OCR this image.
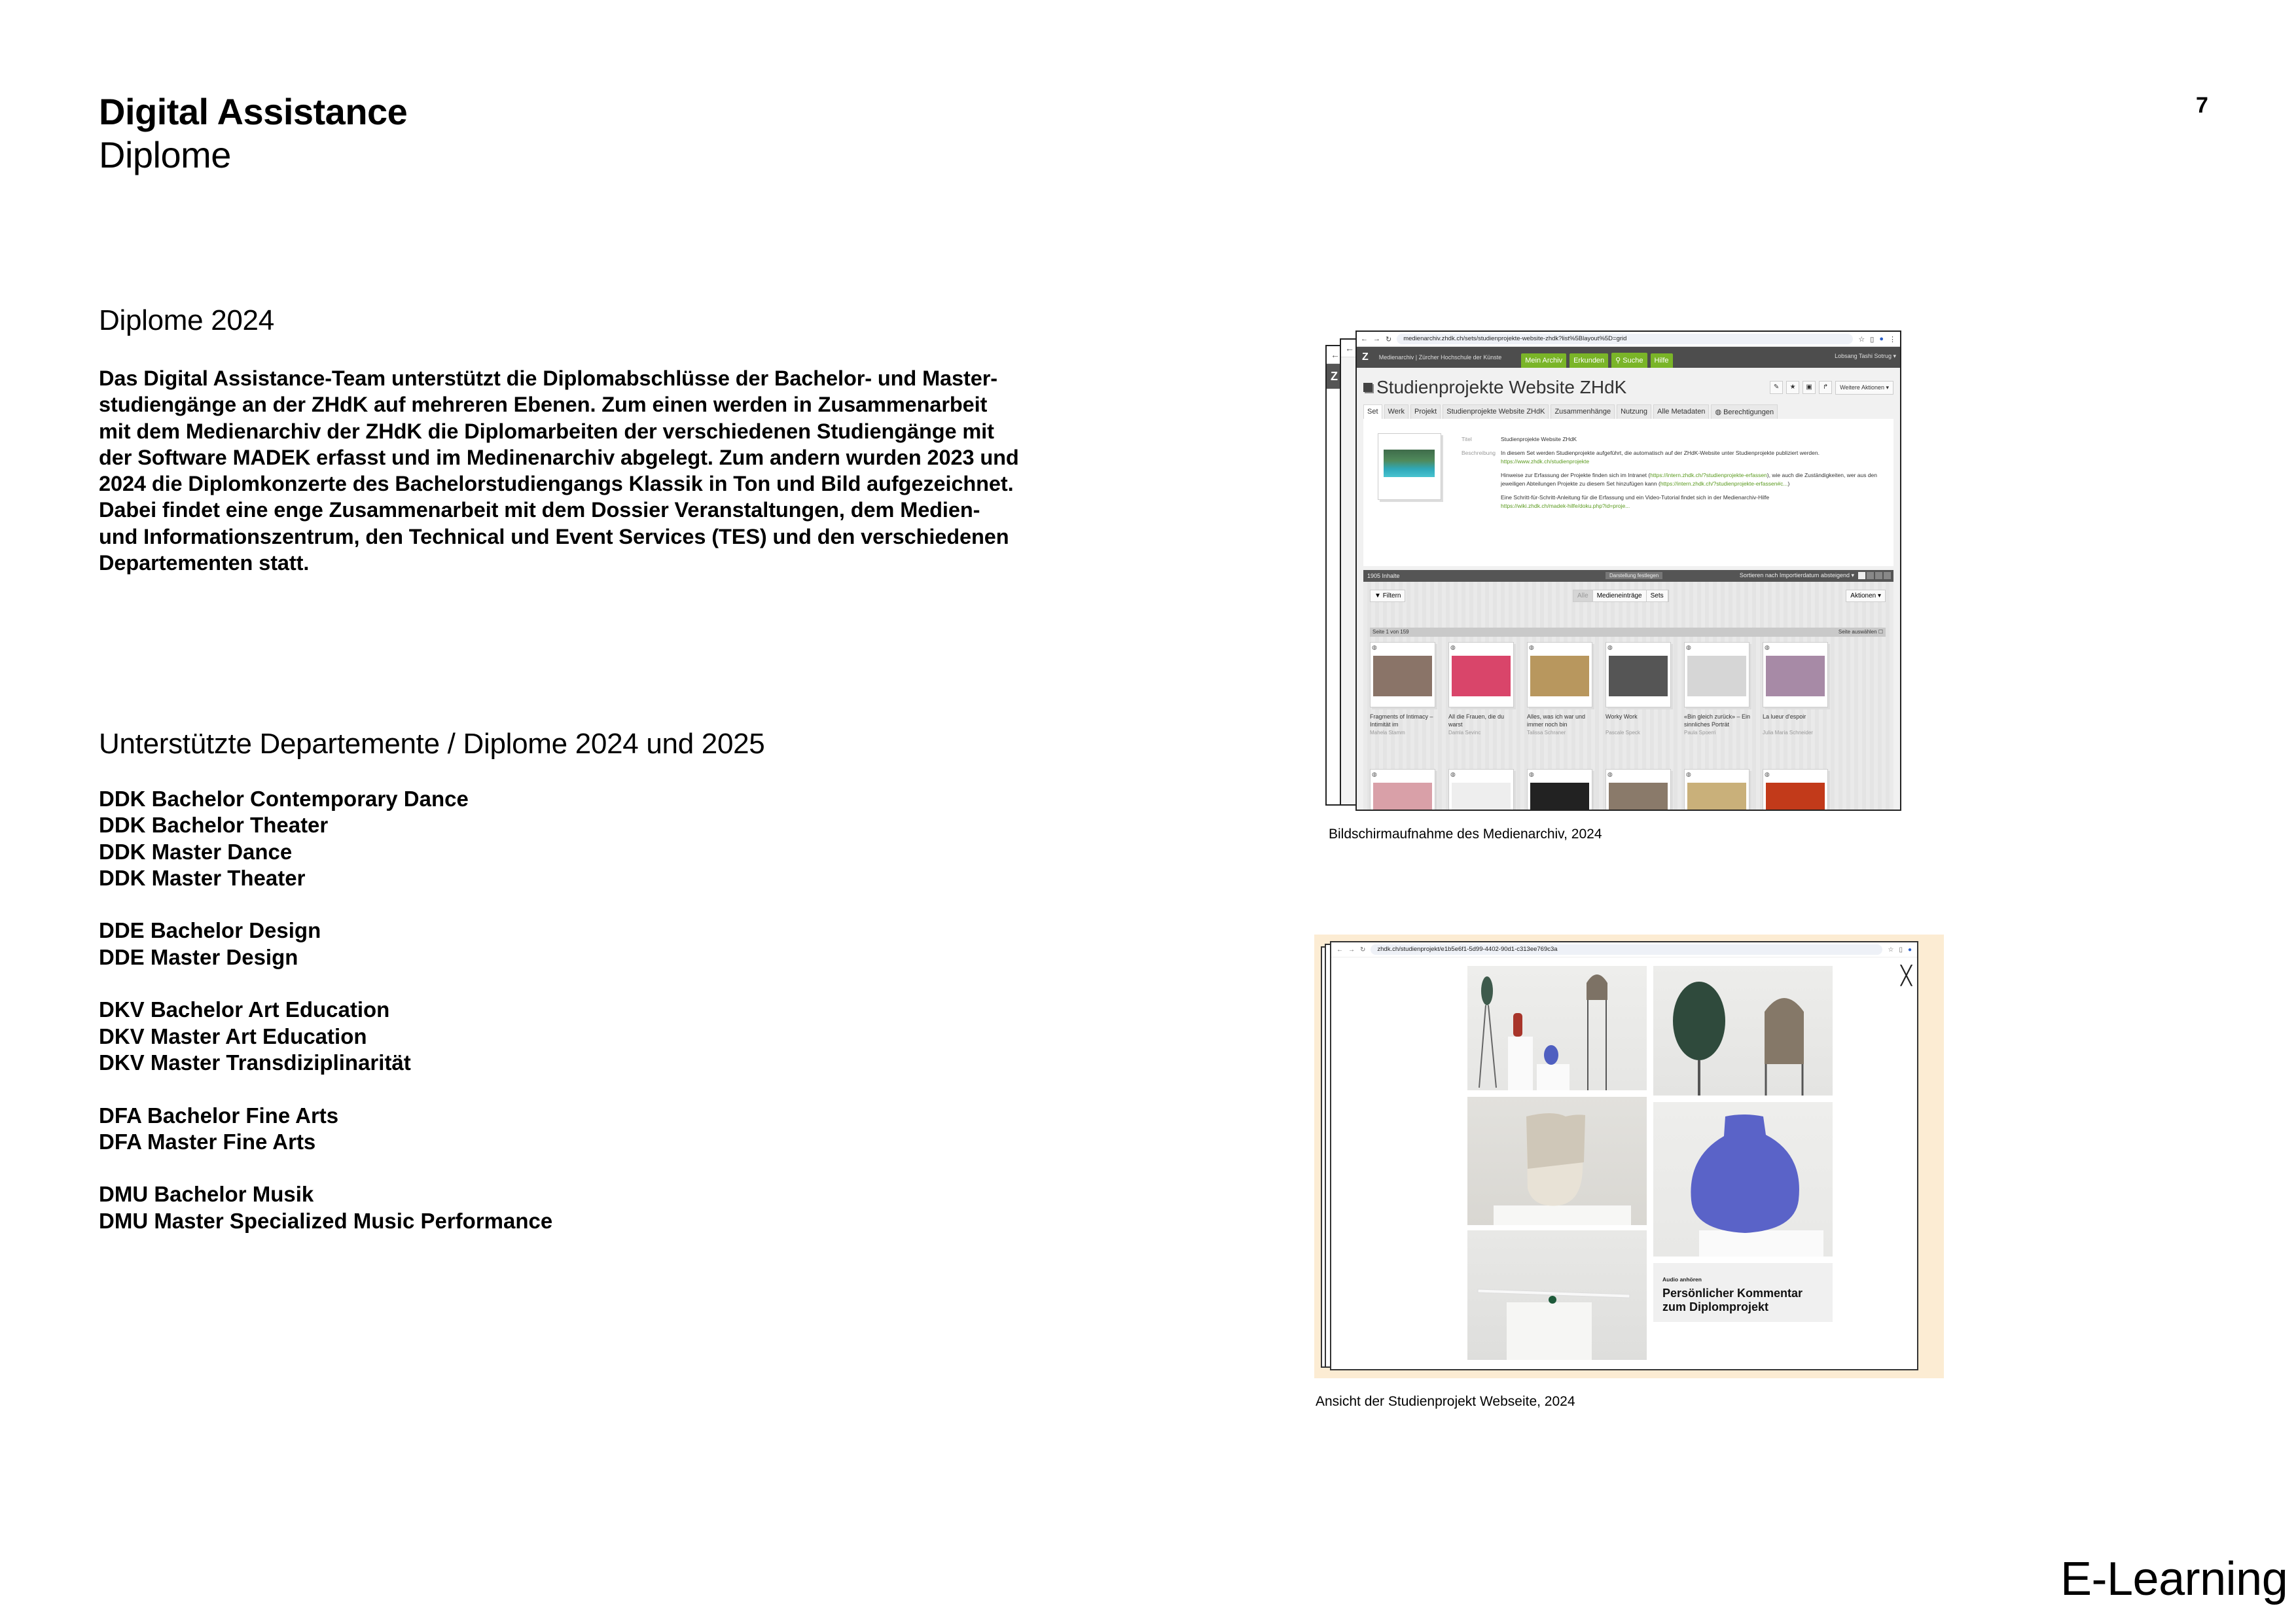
Digital Assistance
Diplome
7
Diplome 2024
Das Digital Assistance-Team unterstützt die Diplomabschlüsse der Bachelor- und Master-
studiengänge an der ZHdK auf mehreren Ebenen. Zum einen werden in Zusammenarbeit
mit dem Medienarchiv der ZHdK die Diplomarbeiten der verschiedenen Studiengänge mit
der Software MADEK erfasst und im Medinenarchiv abgelegt. Zum andern wurden 2023 und
2024 die Diplomkonzerte des Bachelorstudiengangs Klassik in Ton und Bild aufgezeichnet.
Dabei findet eine enge Zusammenarbeit mit dem Dossier Veranstaltungen, dem Medien-
und Informationszentrum, den Technical und Event Services (TES) und den verschiedenen
Departementen statt.
Unterstützte Departemente / Diplome 2024 und 2025
DDK Bachelor Contemporary Dance
DDK Bachelor Theater
DDK Master Dance
DDK Master Theater
DDE Bachelor Design
DDE Master Design
DKV Bachelor Art Education
DKV Master Art Education
DKV Master Transdiziplinarität
DFA Bachelor Fine Arts
DFA Master Fine Arts
DMU Bachelor Musik
DMU Master Specialized Music Performance
←
Z
←
← → ↻	medienarchiv.zhdk.ch/sets/studienprojekte-website-zhdk?list%5Blayout%5D=grid	☆ ▯ ● ⋮
Z Medienarchiv | Zürcher Hochschule der Künste	Mein Archiv	Erkunden	⚲ Suche	Hilfe
Lobsang Tashi Sotrug ▾
Studienprojekte Website ZHdK	✎	★	▣	↱	Weitere Aktionen ▾
Set	Werk	Projekt	Studienprojekte Website ZHdK	Zusammenhänge	Nutzung	Alle Metadaten	◍ Berechtigungen
Titel	Studienprojekte Website ZHdK
Beschreibung In diesem Set werden Studienprojekte aufgeführt, die automatisch auf der ZHdK-Website unter Studienprojekte publiziert werden. https://www.zhdk.ch/studienprojekte
Hinweise zur Erfassung der Projekte finden sich im Intranet (https://intern.zhdk.ch/?studienprojekte-erfassen), wie auch die Zuständigkeiten, wer aus den jeweiligen Abteilungen Projekte zu diesem Set hinzufügen kann (https://intern.zhdk.ch/?studienprojekte-erfassen#c...)
Eine Schritt-für-Schritt-Anleitung für die Erfassung und ein Video-Tutorial findet sich in der Medienarchiv-Hilfe
https://wiki.zhdk.ch/madek-hilfe/doku.php?id=proje...
1905 Inhalte	Darstellung festlegen	Sortieren nach Importierdatum absteigend ▾
▼ Filtern	Alle	Medieneinträge	Sets	Aktionen ▾
Seite 1 von 159	Seite auswählen ☐
◍
Fragments of Intimacy – Intimität im
Mahela Stamm
◍
All die Frauen, die du warst
Damla Sevinc
◍
Alles, was ich war und immer noch bin
Talissa Schraner
◍
Worky Work
Pascale Speck
◍
«Bin gleich zurück» – Ein sinnliches Porträt
Paula Spoerri
◍
La lueur d'espoir
Julia Maria Schneider
◍	◍	◍	◍	◍	◍
Bildschirmaufnahme des Medienarchiv, 2024
← → ↻	zhdk.ch/studienprojekt/e1b5e6f1-5d99-4402-90d1-c313ee769c3a	☆ ▯ ●
╳
Audio anhören
Persönlicher Kommentar
zum Diplomprojekt
Ansicht der Studienprojekt Webseite, 2024
E-Learning
